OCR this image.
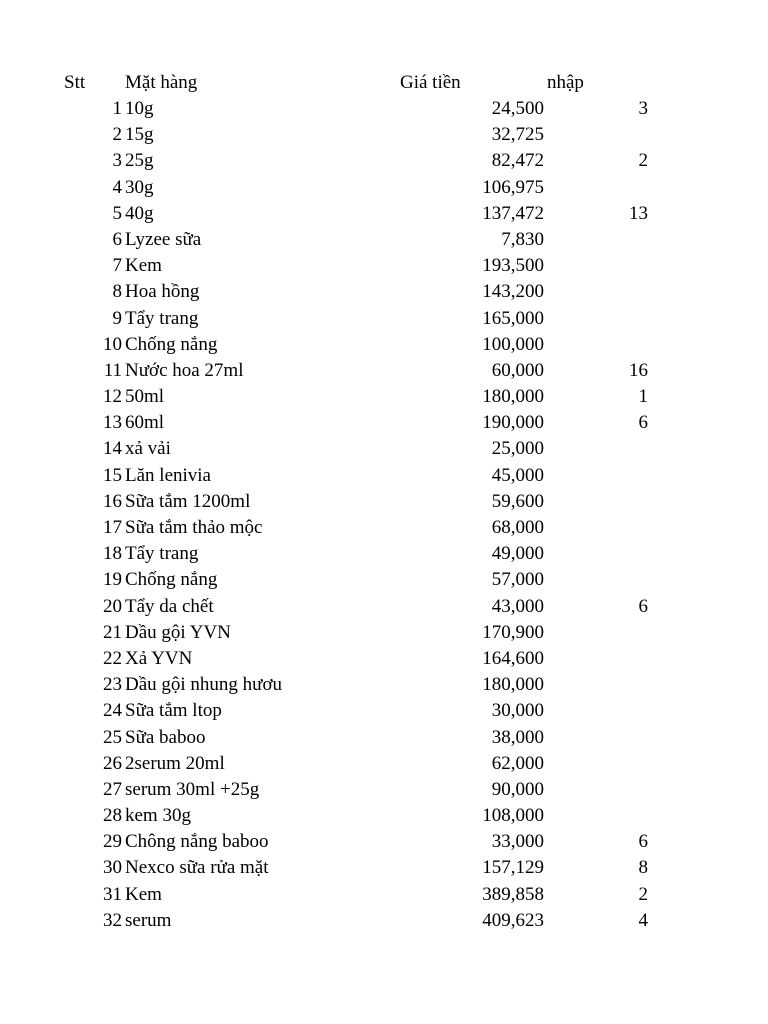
Stt Mặt hàng	Giá tiền	nhập
1 10g	24,500	3
2 15g	32,725
3 25g	82,472	2
4 30g	106,975
5 40g	137,472	13
6 Lyzee sữa	7,830
7 Kem	193,500
8 Hoa hồng	143,200
9 Tẩy trang	165,000
10 Chống nắng	100,000
11 Nước hoa 27ml	60,000	16
12 50ml	180,000	1
13 60ml	190,000	6
14 xả vải	25,000
15 Lăn lenivia	45,000
16 Sữa tắm 1200ml	59,600
17 Sữa tắm thảo mộc	68,000
18 Tẩy trang	49,000
19 Chống nắng	57,000
20 Tẩy da chết	43,000	6
21 Dầu gội YVN	170,900
22 Xả YVN	164,600
23 Dầu gội nhung hươu	180,000
24 Sữa tắm ltop	30,000
25 Sữa baboo	38,000
26 2serum 20ml	62,000
27 serum 30ml +25g	90,000
28 kem 30g	108,000
29 Chông nắng baboo	33,000	6
30 Nexco sữa rửa mặt	157,129	8
31 Kem	389,858	2
32 serum	409,623	4
